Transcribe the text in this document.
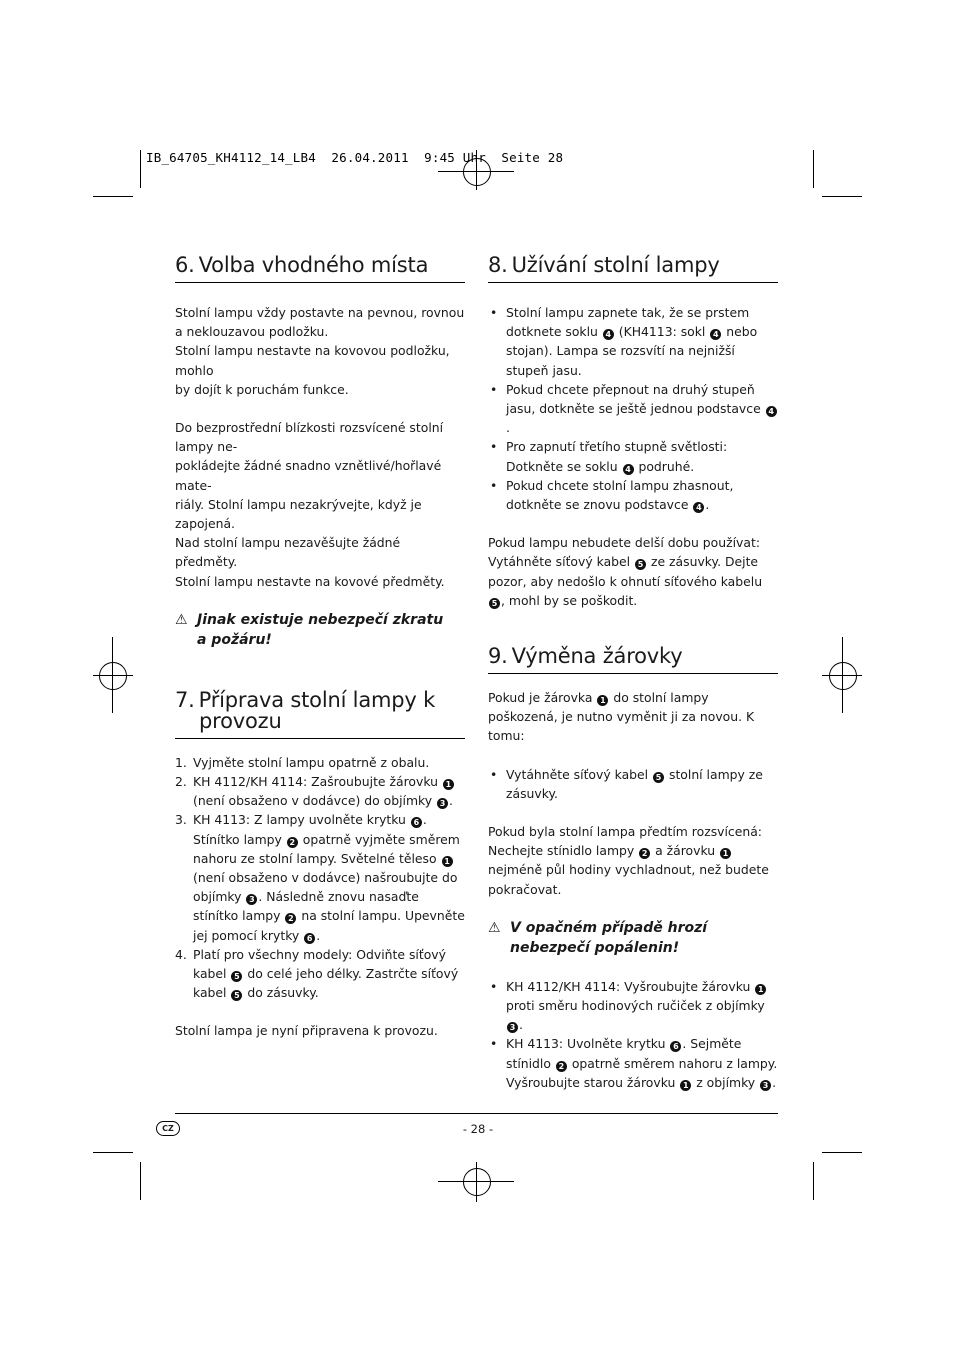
IB_64705_KH4112_14_LB4  26.04.2011  9:45 Uhr  Seite 28
6. Volba vhodného místa

Stolní lampu vždy postavte na pevnou, rovnou

a neklouzavou podložku.

Stolní lampu nestavte na kovovou podložku, mohlo

by dojít k poruchám funkce.

Do bezprostřední blízkosti rozsvícené stolní lampy ne-

pokládejte žádné snadno vznětlivé/hořlavé mate-

riály. Stolní lampu nezakrývejte, když je zapojená.

Nad stolní lampu nezavěšujte žádné předměty.

Stolní lampu nestavte na kovové předměty.

⚠ Jinak existuje nebezpečí zkratu
a požáru!
7. Příprava stolní lampy k
provozu
1. Vyjměte stolní lampu opatrně z obalu.
2. KH 4112/KH 4114: Zašroubujte žárovku 1 (není obsaženo v dodávce) do objímky 3 .
3. KH 4113: Z lampy uvolněte krytku 6 . Stínítko lampy 2 opatrně vyjměte směrem nahoru ze stolní lampy. Světelné těleso 1 (není obsaženo v dodávce) našroubujte do objímky 3 . Následně znovu nasaďte stínítko lampy 2 na stolní lampu. Upevněte jej pomocí krytky 6 .
4. Platí pro všechny modely: Odviňte síťový kabel 5 do celé jeho délky. Zastrčte síťový kabel 5 do zásuvky.

Stolní lampa je nyní připravena k provozu.

8. Užívání stolní lampy
• Stolní lampu zapnete tak, že se prstem dotknete soklu 4 (KH4113: sokl 4 nebo stojan). Lampa se rozsvítí na nejnižší stupeň jasu.
• Pokud chcete přepnout na druhý stupeň jasu, dotkněte se ještě jednou podstavce 4.
• Pro zapnutí třetího stupně světlosti: Dotkněte se soklu 4 podruhé.
• Pokud chcete stolní lampu zhasnout, dotkněte se znovu podstavce 4 .

Pokud lampu nebudete delší dobu používat: Vytáhněte síťový kabel 5 ze zásuvky. Dejte pozor, aby nedošlo k ohnutí síťového kabelu 5 , mohl by se poškodit.

9. Výměna žárovky

Pokud je žárovka 1 do stolní lampy poškozená, je nutno vyměnit ji za novou. K tomu:

• Vytáhněte síťový kabel 5 stolní lampy ze zásuvky.

Pokud byla stolní lampa předtím rozsvícená: Nechejte stínidlo lampy 2 a žárovku 1 nejméně půl hodiny vychladnout, než budete pokračovat.

⚠ V opačném případě hrozí
nebezpečí popálenin!
• KH 4112/KH 4114: Vyšroubujte žárovku 1 proti směru hodinových ručiček z objímky 3 .
• KH 4113: Uvolněte krytku 6 . Sejměte stínidlo 2 opatrně směrem nahoru z lampy. Vyšroubujte starou žárovku 1 z objímky 3 .
CZ	- 28 -
